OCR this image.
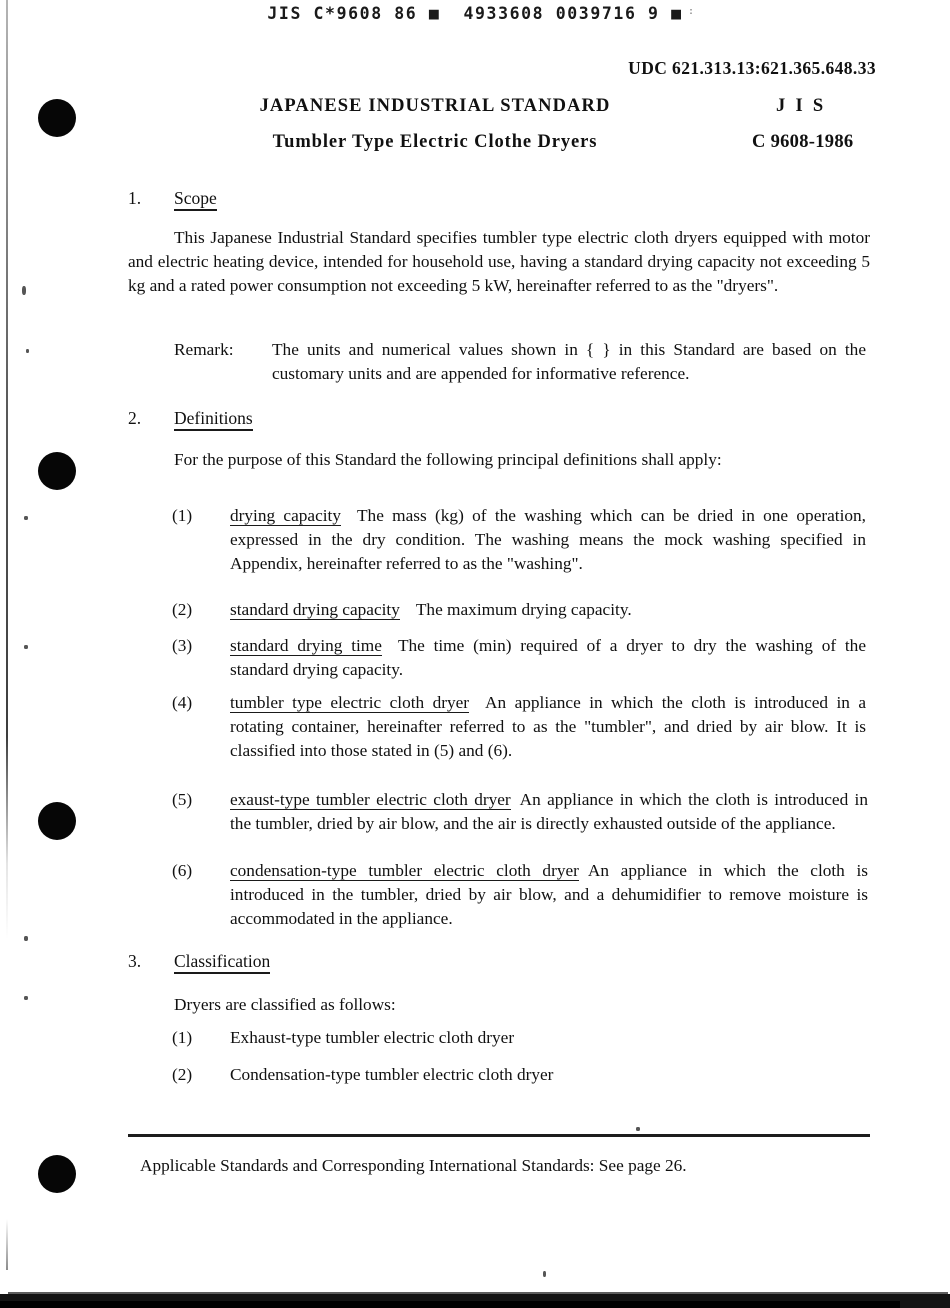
JIS C*9608 86 ■  4933608 0039716 9 ■ :
UDC 621.313.13:621.365.648.33
JAPANESE INDUSTRIAL STANDARD	J I S
Tumbler Type Electric Clothe Dryers	C 9608-1986
1. Scope
This Japanese Industrial Standard specifies tumbler type electric cloth dryers equipped with motor and electric heating device, intended for household use, having a standard drying capacity not exceeding 5 kg and a rated power consumption not exceeding 5 kW, hereinafter referred to as the "dryers".
Remark:	The units and numerical values shown in { } in this Standard are based on the customary units and are appended for informative reference.
2. Definitions
For the purpose of this Standard the following principal definitions shall apply:
(1)	drying capacity The mass (kg) of the washing which can be dried in one operation, expressed in the dry condition. The washing means the mock washing specified in Appendix, hereinafter referred to as the "washing".
(2)	standard drying capacity The maximum drying capacity.
(3)	standard drying time The time (min) required of a dryer to dry the washing of the standard drying capacity.
(4)	tumbler type electric cloth dryer An appliance in which the cloth is introduced in a rotating container, hereinafter referred to as the "tumbler", and dried by air blow. It is classified into those stated in (5) and (6).
(5)	exaust-type tumbler electric cloth dryer An appliance in which the cloth is introduced in the tumbler, dried by air blow, and the air is directly exhausted outside of the appliance.
(6)	condensation-type tumbler electric cloth dryer An appliance in which the cloth is introduced in the tumbler, dried by air blow, and a dehumidifier to remove moisture is accommodated in the appliance.
3. Classification
Dryers are classified as follows:
(1)	Exhaust-type tumbler electric cloth dryer
(2)	Condensation-type tumbler electric cloth dryer
Applicable Standards and Corresponding International Standards: See page 26.
